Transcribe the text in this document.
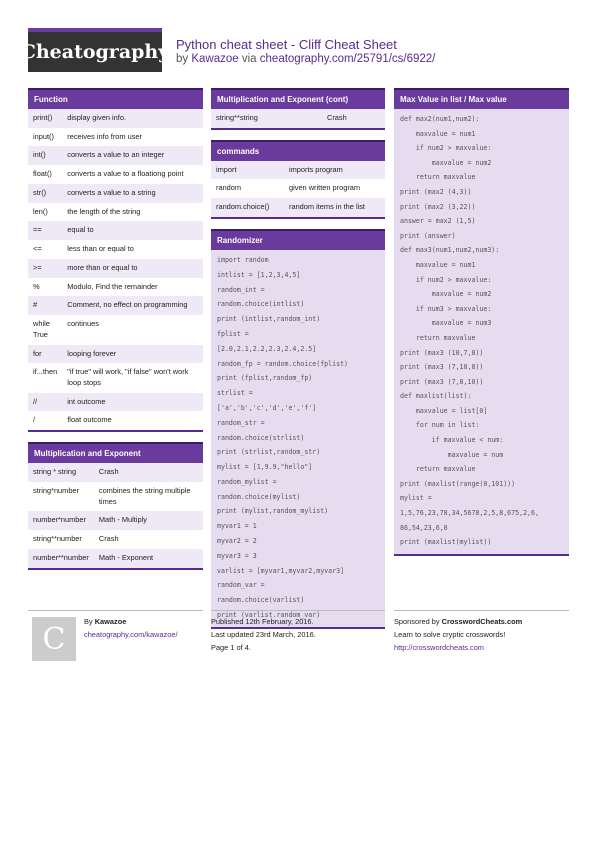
Cheatography Python cheat sheet - Cliff Cheat Sheet
by Kawazoe via cheatography.com/25791/cs/6922/
Function
print()	display given info.
input()	receives info from user
int()	converts a value to an integer
float()	converts a value to a floationg point
str()	converts a value to a string
len()	the length of the string
==	equal to
<=	less than or equal to
>=	more than or equal to
%	Modulo, Find the remainder
#	Comment, no effect on programming
while True	continues
for	looping forever
if...then	"if true" will work, "if false" won't work loop stops
//	int outcome
/	float outcome
Multiplication and Exponent
string * string	Crash
string*number	combines the string multiple times
number*number	Math - Multiply
string**number	Crash
number**number	Math - Exponent
Multiplication and Exponent (cont)
string**string	Crash
commands
import	imports program
random	given written program
random.choice()	random items in the list
Randomizer
import random
intlist = [1,2,3,4,5]
random_int =
random.choice(intlist)
print (intlist,random_int)
fplist =
[2.0,2.1,2.2,2.3,2.4,2.5]
random_fp = random.choice(fplist)
print (fplist,random_fp)
strlist =
['a','b','c','d','e','f']
random_str =
random.choice(strlist)
print (strlist,random_str)
mylist = [1,9.9,"hello"]
random_mylist =
random.choice(mylist)
print (mylist,random_mylist)
myvar1 = 1
myvar2 = 2
myvar3 = 3
varlist = [myvar1,myvar2,myvar3]
random_var =
random.choice(varlist)
print (varlist.random_var)
Max Value in list / Max value
def max2(num1,num2):
maxvalue = num1
if num2 > maxvalue:
maxvalue = num2
return maxvalue
print (max2 (4,3))
print (max2 (3,22))
answer = max2 (1,5)
print (answer)
def max3(num1,num2,num3):
maxvalue = num1
if num2 > maxvalue:
maxvalue = num2
if num3 > maxvalue:
maxvalue = num3
return maxvalue
print (max3 (10,7,8))
print (max3 (7,10,8))
print (max3 (7,8,10))
def maxlist(list):
maxvalue = list[0]
for num in list:
if maxvalue < num:
maxvalue = num
return maxvalue
print (maxlist(range(0,101)))
mylist =
1,5,76,23,78,34,5678,2,5,8,675,2,6,
86,54,23,6,8
print (maxlist(mylist))
C	By Kawazoe
cheatography.com/kawazoe/
Published 12th February, 2016.
Last updated 23rd March, 2016.
Page 1 of 4.
Sponsored by CrosswordCheats.com
Learn to solve cryptic crosswords!
http://crosswordcheats.com
